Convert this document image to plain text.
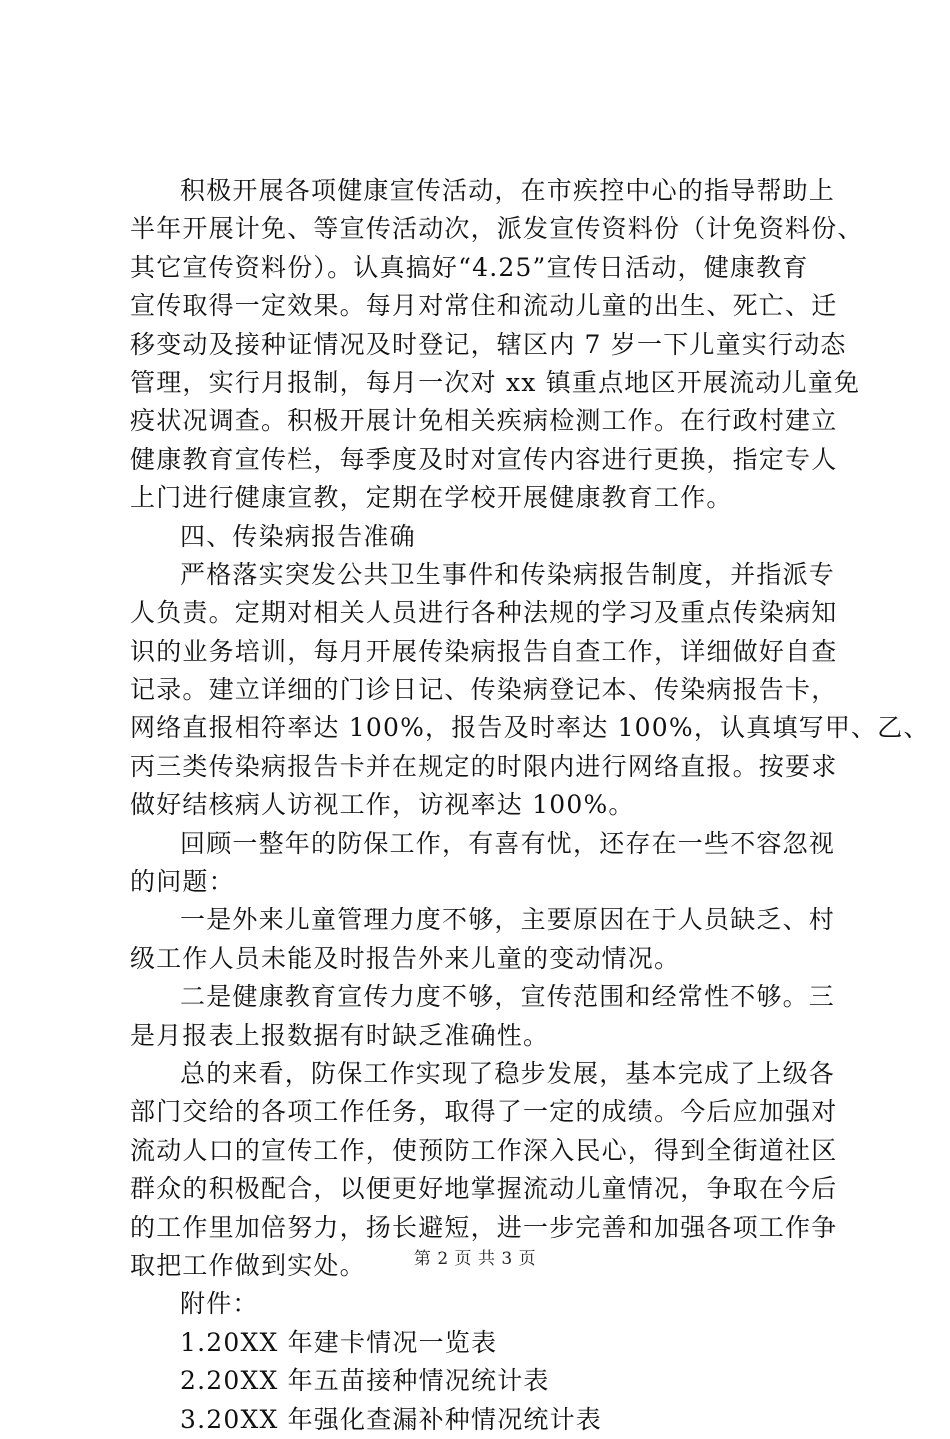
积极开展各项健康宣传活动，在市疾控中心的指导帮助上
半年开展计免、等宣传活动次，派发宣传资料份（计免资料份、
其它宣传资料份）。认真搞好“4.25”宣传日活动，健康教育
宣传取得一定效果。每月对常住和流动儿童的出生、死亡、迁
移变动及接种证情况及时登记，辖区内 7 岁一下儿童实行动态
管理，实行月报制，每月一次对 xx 镇重点地区开展流动儿童免
疫状况调查。积极开展计免相关疾病检测工作。在行政村建立
健康教育宣传栏，每季度及时对宣传内容进行更换，指定专人
上门进行健康宣教，定期在学校开展健康教育工作。
四、传染病报告准确
严格落实突发公共卫生事件和传染病报告制度，并指派专
人负责。定期对相关人员进行各种法规的学习及重点传染病知
识的业务培训，每月开展传染病报告自查工作，详细做好自查
记录。建立详细的门诊日记、传染病登记本、传染病报告卡，
网络直报相符率达 100%，报告及时率达 100%，认真填写甲、乙、
丙三类传染病报告卡并在规定的时限内进行网络直报。按要求
做好结核病人访视工作，访视率达 100%。
回顾一整年的防保工作，有喜有忧，还存在一些不容忽视
的问题：
一是外来儿童管理力度不够，主要原因在于人员缺乏、村
级工作人员未能及时报告外来儿童的变动情况。
二是健康教育宣传力度不够，宣传范围和经常性不够。三
是月报表上报数据有时缺乏准确性。
总的来看，防保工作实现了稳步发展，基本完成了上级各
部门交给的各项工作任务，取得了一定的成绩。今后应加强对
流动人口的宣传工作，使预防工作深入民心，得到全街道社区
群众的积极配合，以便更好地掌握流动儿童情况，争取在今后
的工作里加倍努力，扬长避短，进一步完善和加强各项工作争
取把工作做到实处。
附件：
1.20XX 年建卡情况一览表
2.20XX 年五苗接种情况统计表
3.20XX 年强化查漏补种情况统计表
第 2 页 共 3 页
